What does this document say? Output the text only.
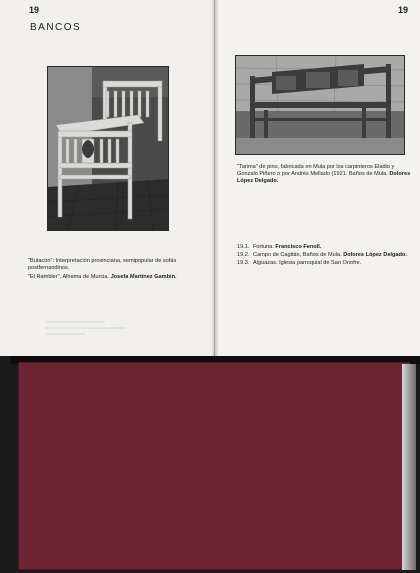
19
BANCOS
"Butacón": Interpretación provinciana, semipopular de sofás postfernandinos.
"El Rambler", Alhama de Murcia. Josefa Martínez Gambín.
19
"Tarima" de pino, fabricada en Mula por los carpinteros Eladio y Gonzalo Piñero o por Andrés Mellado (1921. Baños de Mula. Dolores López Delgado.
19.1. Fortuna. Francisco Fenoll.
19.2. Campo de Cagitán, Baños de Mula. Dolores López Delgado.
19.3. Alguazas. Iglesia parroquial de San Onofre.
